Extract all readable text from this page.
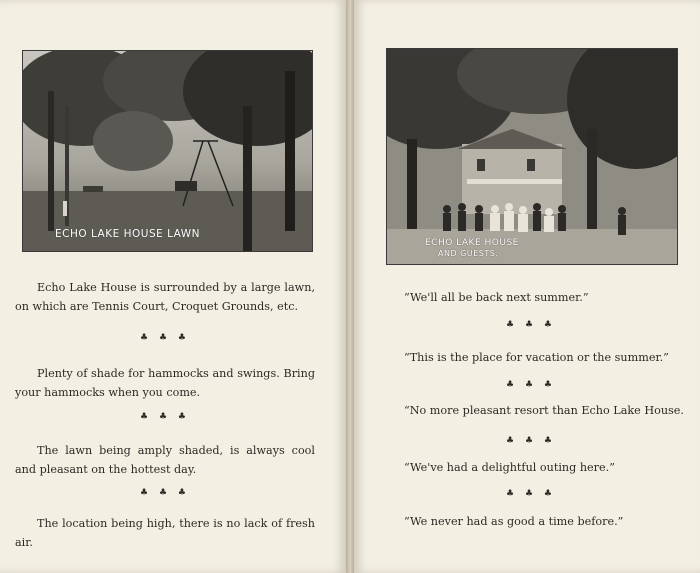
ECHO LAKE HOUSE LAWN
Echo Lake House is surrounded by a large lawn, on which are Tennis Court, Croquet Grounds, etc.
♣ ♣ ♣
Plenty of shade for hammocks and swings. Bring your hammocks when you come.
♣ ♣ ♣
The lawn being amply shaded, is always cool and pleasant on the hottest day.
♣ ♣ ♣
The location being high, there is no lack of fresh air.
ECHO LAKE HOUSE
AND GUESTS.
“We'll all be back next summer.”
♣ ♣ ♣
“This is the place for vacation or the summer.”
♣ ♣ ♣
“No more pleasant resort than Echo Lake House.
♣ ♣ ♣
“We've had a delightful outing here.”
♣ ♣ ♣
“We never had as good a time before.”
